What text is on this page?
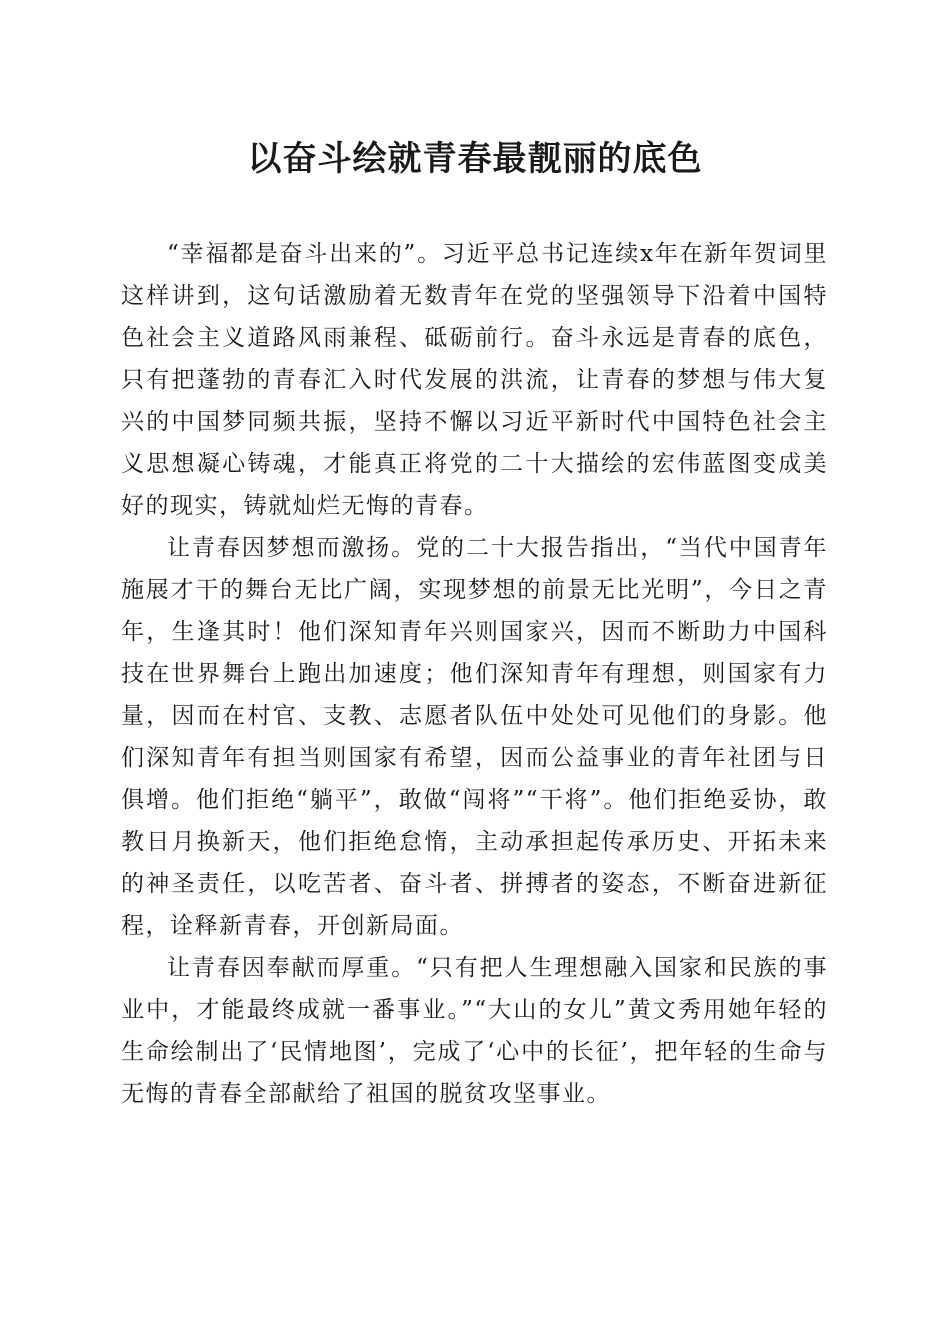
以奋斗绘就青春最靓丽的底色

“幸福都是奋斗出来的”。习近平总书记连续x年在新年贺词里这样讲到，这句话激励着无数青年在党的坚强领导下沿着中国特色社会主义道路风雨兼程、砥砺前行。奋斗永远是青春的底色，只有把蓬勃的青春汇入时代发展的洪流，让青春的梦想与伟大复兴的中国梦同频共振，坚持不懈以习近平新时代中国特色社会主义思想凝心铸魂，才能真正将党的二十大描绘的宏伟蓝图变成美好的现实，铸就灿烂无悔的青春。

让青春因梦想而激扬。党的二十大报告指出，“当代中国青年施展才干的舞台无比广阔，实现梦想的前景无比光明”，今日之青年，生逢其时！他们深知青年兴则国家兴，因而不断助力中国科技在世界舞台上跑出加速度；他们深知青年有理想，则国家有力量，因而在村官、支教、志愿者队伍中处处可见他们的身影。他们深知青年有担当则国家有希望，因而公益事业的青年社团与日俱增。他们拒绝“躺平”，敢做“闯将”“干将”。他们拒绝妥协，敢教日月换新天，他们拒绝怠惰，主动承担起传承历史、开拓未来的神圣责任，以吃苦者、奋斗者、拼搏者的姿态，不断奋进新征程，诠释新青春，开创新局面。

让青春因奉献而厚重。“只有把人生理想融入国家和民族的事业中，才能最终成就一番事业。”“大山的女儿”黄文秀用她年轻的生命绘制出了‘民情地图’，完成了‘心中的长征’，把年轻的生命与无悔的青春全部献给了祖国的脱贫攻坚事业。
